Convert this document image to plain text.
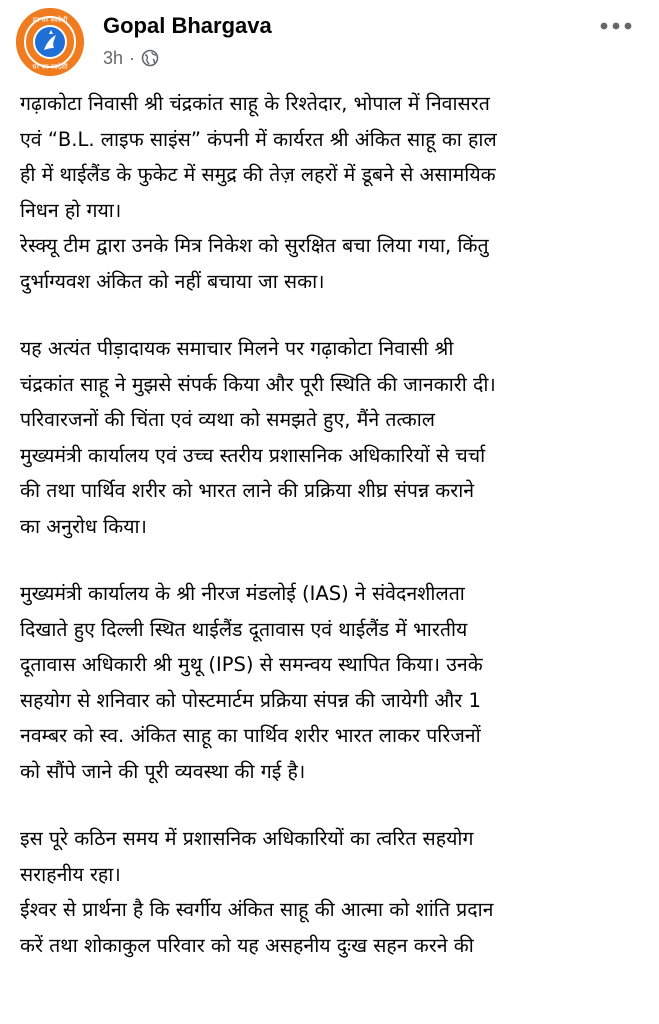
हर घर स्वदेशी
घर घर स्वदेशी
Gopal Bhargava
3h ·

गढ़ाकोटा निवासी श्री चंद्रकांत साहू के रिश्तेदार, भोपाल में निवासरत
एवं “B.L. लाइफ साइंस” कंपनी में कार्यरत श्री अंकित साहू का हाल
ही में थाईलैंड के फुकेट में समुद्र की तेज़ लहरों में डूबने से असामयिक
निधन हो गया।
रेस्क्यू टीम द्वारा उनके मित्र निकेश को सुरक्षित बचा लिया गया, किंतु
दुर्भाग्यवश अंकित को नहीं बचाया जा सका।

यह अत्यंत पीड़ादायक समाचार मिलने पर गढ़ाकोटा निवासी श्री
चंद्रकांत साहू ने मुझसे संपर्क किया और पूरी स्थिति की जानकारी दी।
परिवारजनों की चिंता एवं व्यथा को समझते हुए, मैंने तत्काल
मुख्यमंत्री कार्यालय एवं उच्च स्तरीय प्रशासनिक अधिकारियों से चर्चा
की तथा पार्थिव शरीर को भारत लाने की प्रक्रिया शीघ्र संपन्न कराने
का अनुरोध किया।

मुख्यमंत्री कार्यालय के श्री नीरज मंडलोई (IAS) ने संवेदनशीलता
दिखाते हुए दिल्ली स्थित थाईलैंड दूतावास एवं थाईलैंड में भारतीय
दूतावास अधिकारी श्री मुथू (IPS) से समन्वय स्थापित किया। उनके
सहयोग से शनिवार को पोस्टमार्टम प्रक्रिया संपन्न की जायेगी और 1
नवम्बर को स्व. अंकित साहू का पार्थिव शरीर भारत लाकर परिजनों
को सौंपे जाने की पूरी व्यवस्था की गई है।

इस पूरे कठिन समय में प्रशासनिक अधिकारियों का त्वरित सहयोग
सराहनीय रहा।
ईश्वर से प्रार्थना है कि स्वर्गीय अंकित साहू की आत्मा को शांति प्रदान
करें तथा शोकाकुल परिवार को यह असहनीय दुःख सहन करने की
